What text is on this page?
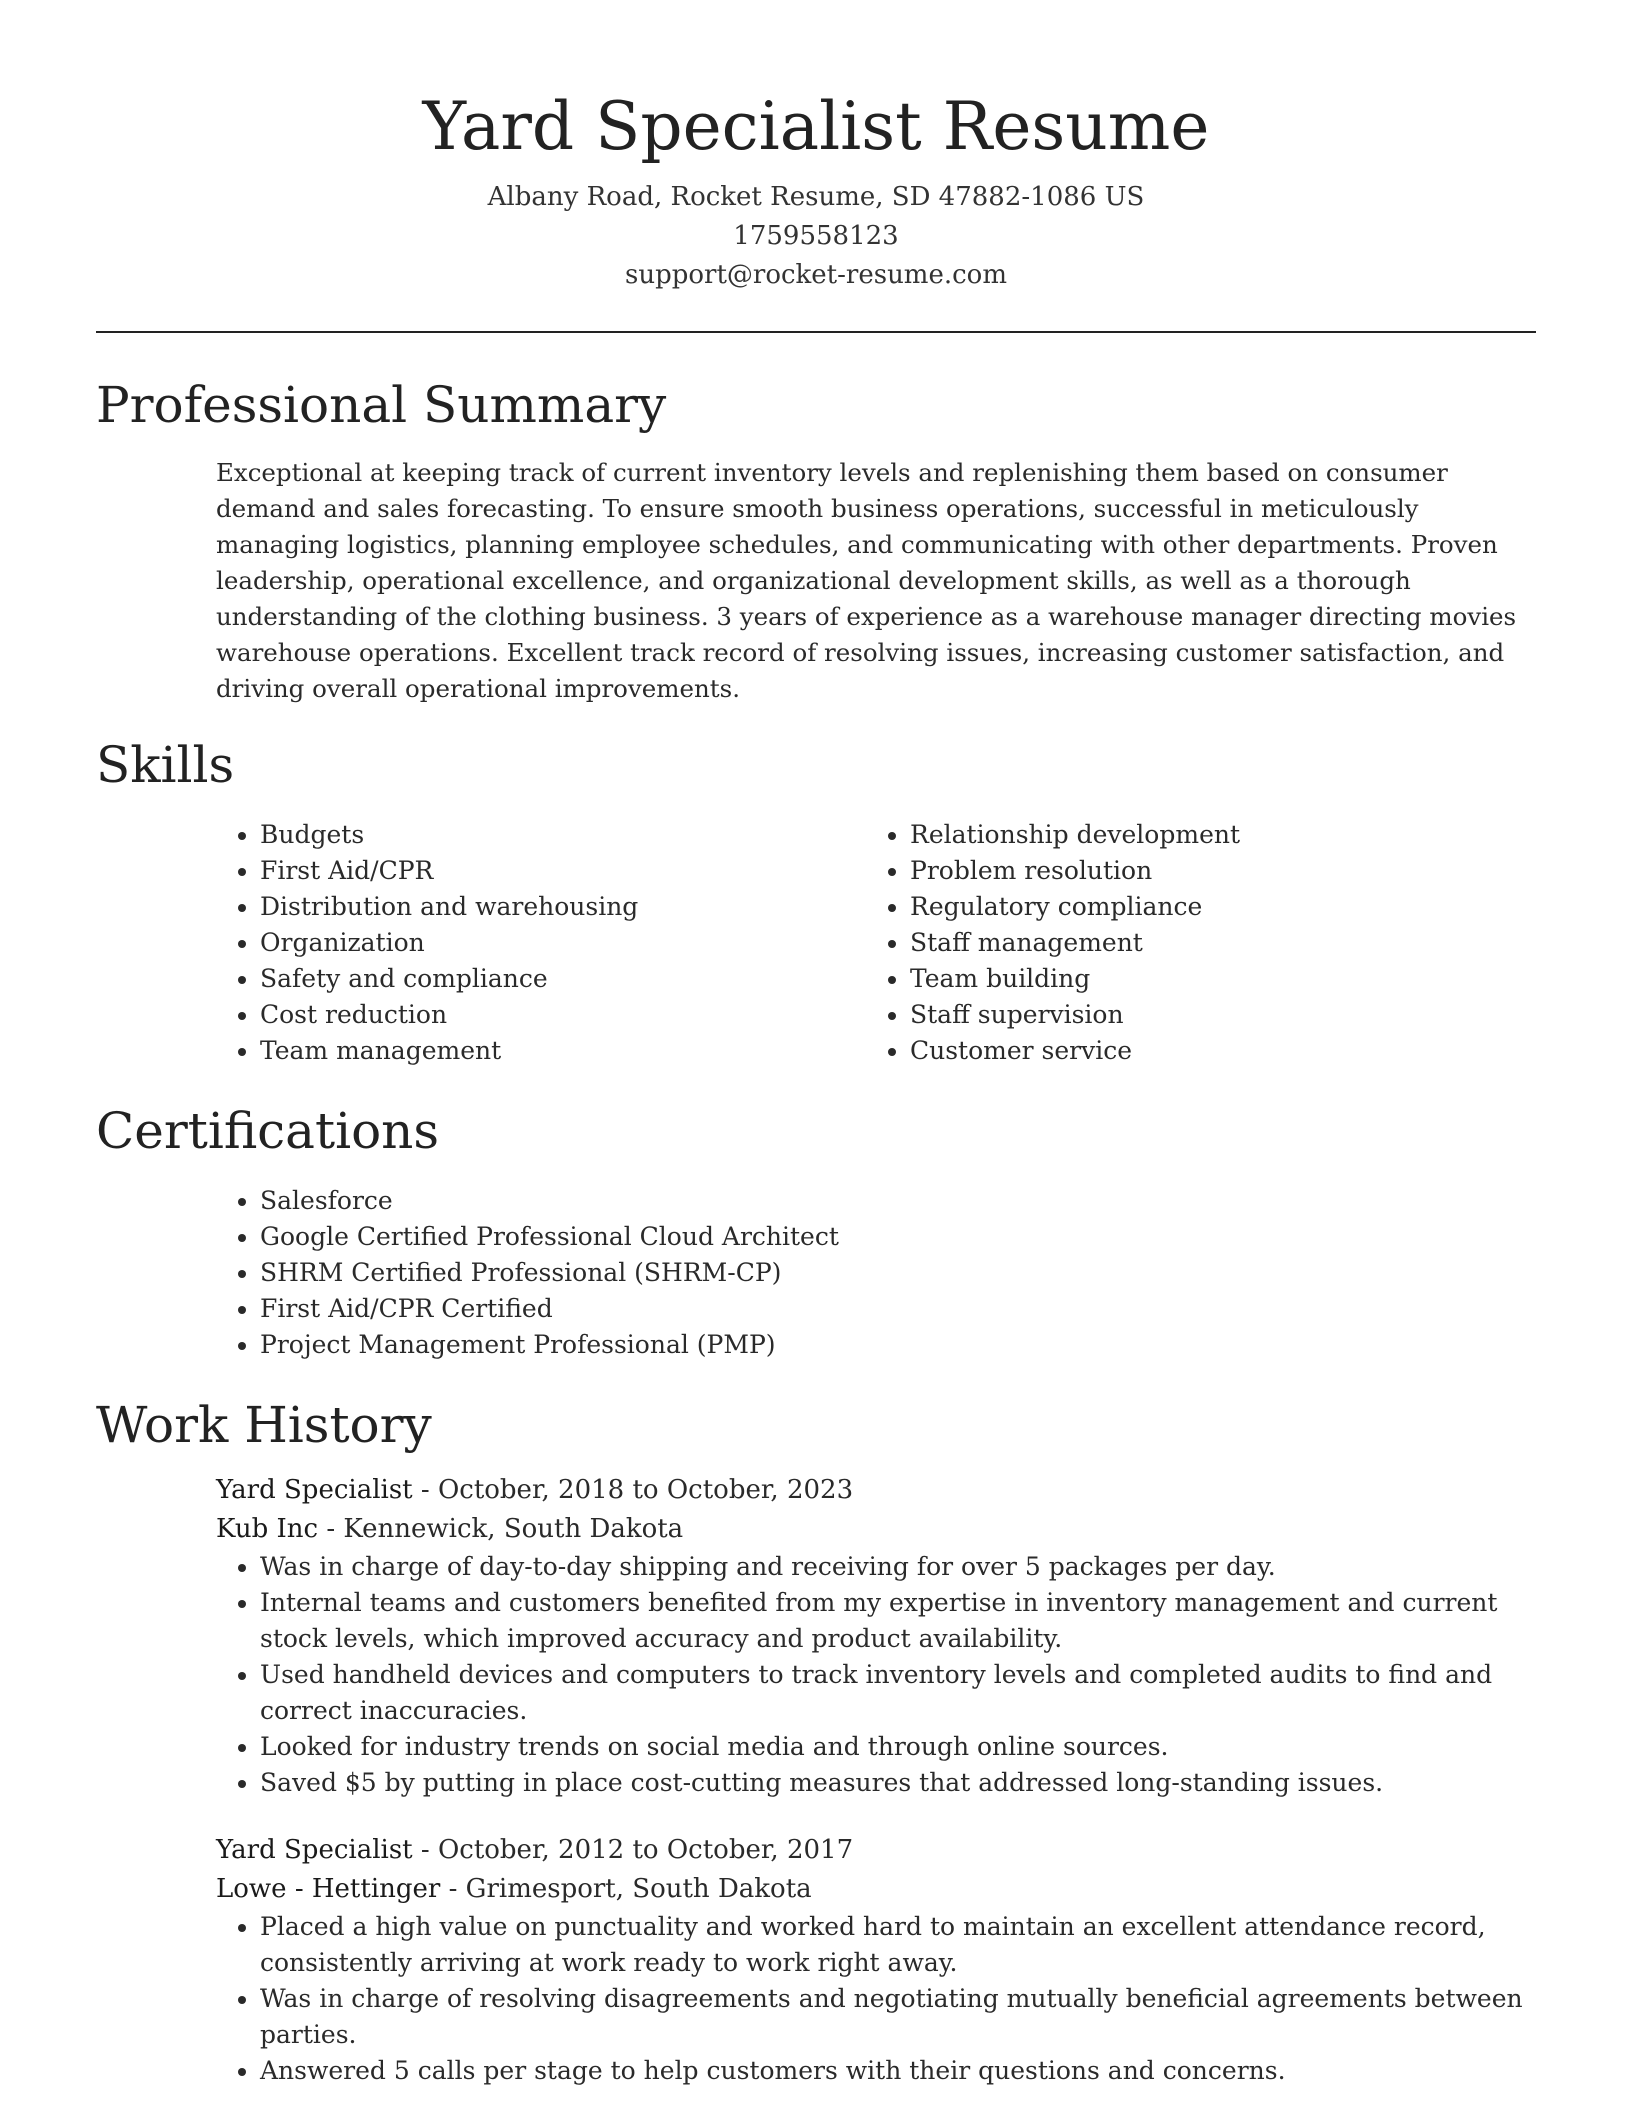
Yard Specialist Resume
Albany Road, Rocket Resume, SD 47882-1086 US
1759558123
support@rocket-resume.com
Professional Summary
Exceptional at keeping track of current inventory levels and replenishing them based on consumer demand and sales forecasting. To ensure smooth business operations, successful in meticulously managing logistics, planning employee schedules, and communicating with other departments. Proven leadership, operational excellence, and organizational development skills, as well as a thorough understanding of the clothing business. 3 years of experience as a warehouse manager directing movies warehouse operations. Excellent track record of resolving issues, increasing customer satisfaction, and driving overall operational improvements.
Skills
• Budgets
• First Aid/CPR
• Distribution and warehousing
• Organization
• Safety and compliance
• Cost reduction
• Team management
• Relationship development
• Problem resolution
• Regulatory compliance
• Staff management
• Team building
• Staff supervision
• Customer service
Certifications
• Salesforce
• Google Certified Professional Cloud Architect
• SHRM Certified Professional (SHRM-CP)
• First Aid/CPR Certified
• Project Management Professional (PMP)
Work History
Yard Specialist - October, 2018 to October, 2023
Kub Inc - Kennewick, South Dakota
• Was in charge of day-to-day shipping and receiving for over 5 packages per day.
• Internal teams and customers benefited from my expertise in inventory management and current stock levels, which improved accuracy and product availability.
• Used handheld devices and computers to track inventory levels and completed audits to find and correct inaccuracies.
• Looked for industry trends on social media and through online sources.
• Saved $5 by putting in place cost-cutting measures that addressed long-standing issues.
Yard Specialist - October, 2012 to October, 2017
Lowe - Hettinger - Grimesport, South Dakota
• Placed a high value on punctuality and worked hard to maintain an excellent attendance record, consistently arriving at work ready to work right away.
• Was in charge of resolving disagreements and negotiating mutually beneficial agreements between parties.
• Answered 5 calls per stage to help customers with their questions and concerns.
